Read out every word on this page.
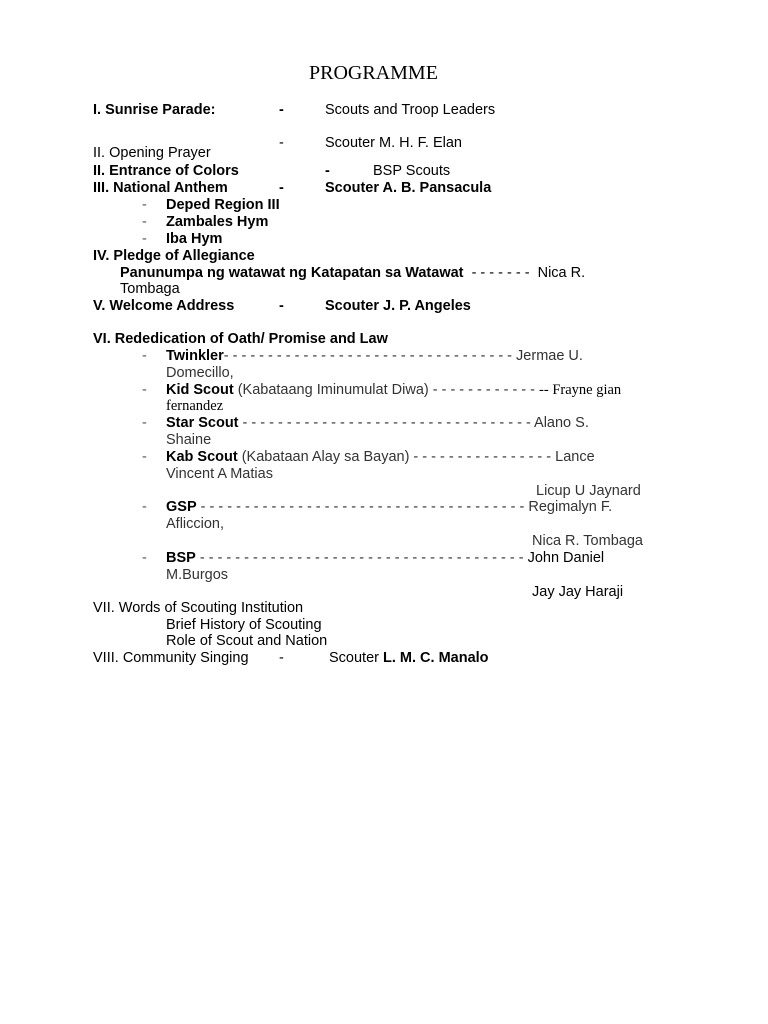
PROGRAMME
I. Sunrise Parade:	-	Scouts and Troop Leaders
-	Scouter M. H. F. Elan
II. Opening Prayer
II. Entrance of Colors	-	BSP Scouts
III. National Anthem	-	Scouter A. B. Pansacula
- Deped Region III
- Zambales Hym
- Iba Hym
IV. Pledge of Allegiance
Panunumpa ng watawat ng Katapatan sa Watawat - - - - - - - Nica R.
Tombaga
V. Welcome Address	-	Scouter J. P. Angeles
VI. Rededication of Oath/ Promise and Law
- Twinkler- - - - - - - - - - - - - - - - - - - - - - - - - - - - - - - - - Jermae U.
Domecillo,
- Kid Scout (Kabataang Iminumulat Diwa) - - - - - - - - - - - - -- Frayne gian
fernandez
- Star Scout - - - - - - - - - - - - - - - - - - - - - - - - - - - - - - - - - Alano S.
Shaine
- Kab Scout (Kabataan Alay sa Bayan) - - - - - - - - - - - - - - - - Lance
Vincent A Matias
Licup U Jaynard
- GSP - - - - - - - - - - - - - - - - - - - - - - - - - - - - - - - - - - - - - Regimalyn F.
Afliccion,
Nica R. Tombaga
- BSP - - - - - - - - - - - - - - - - - - - - - - - - - - - - - - - - - - - - - John Daniel
M.Burgos
Jay Jay Haraji
VII. Words of Scouting Institution
Brief History of Scouting
Role of Scout and Nation
VIII. Community Singing -	Scouter L. M. C. Manalo
